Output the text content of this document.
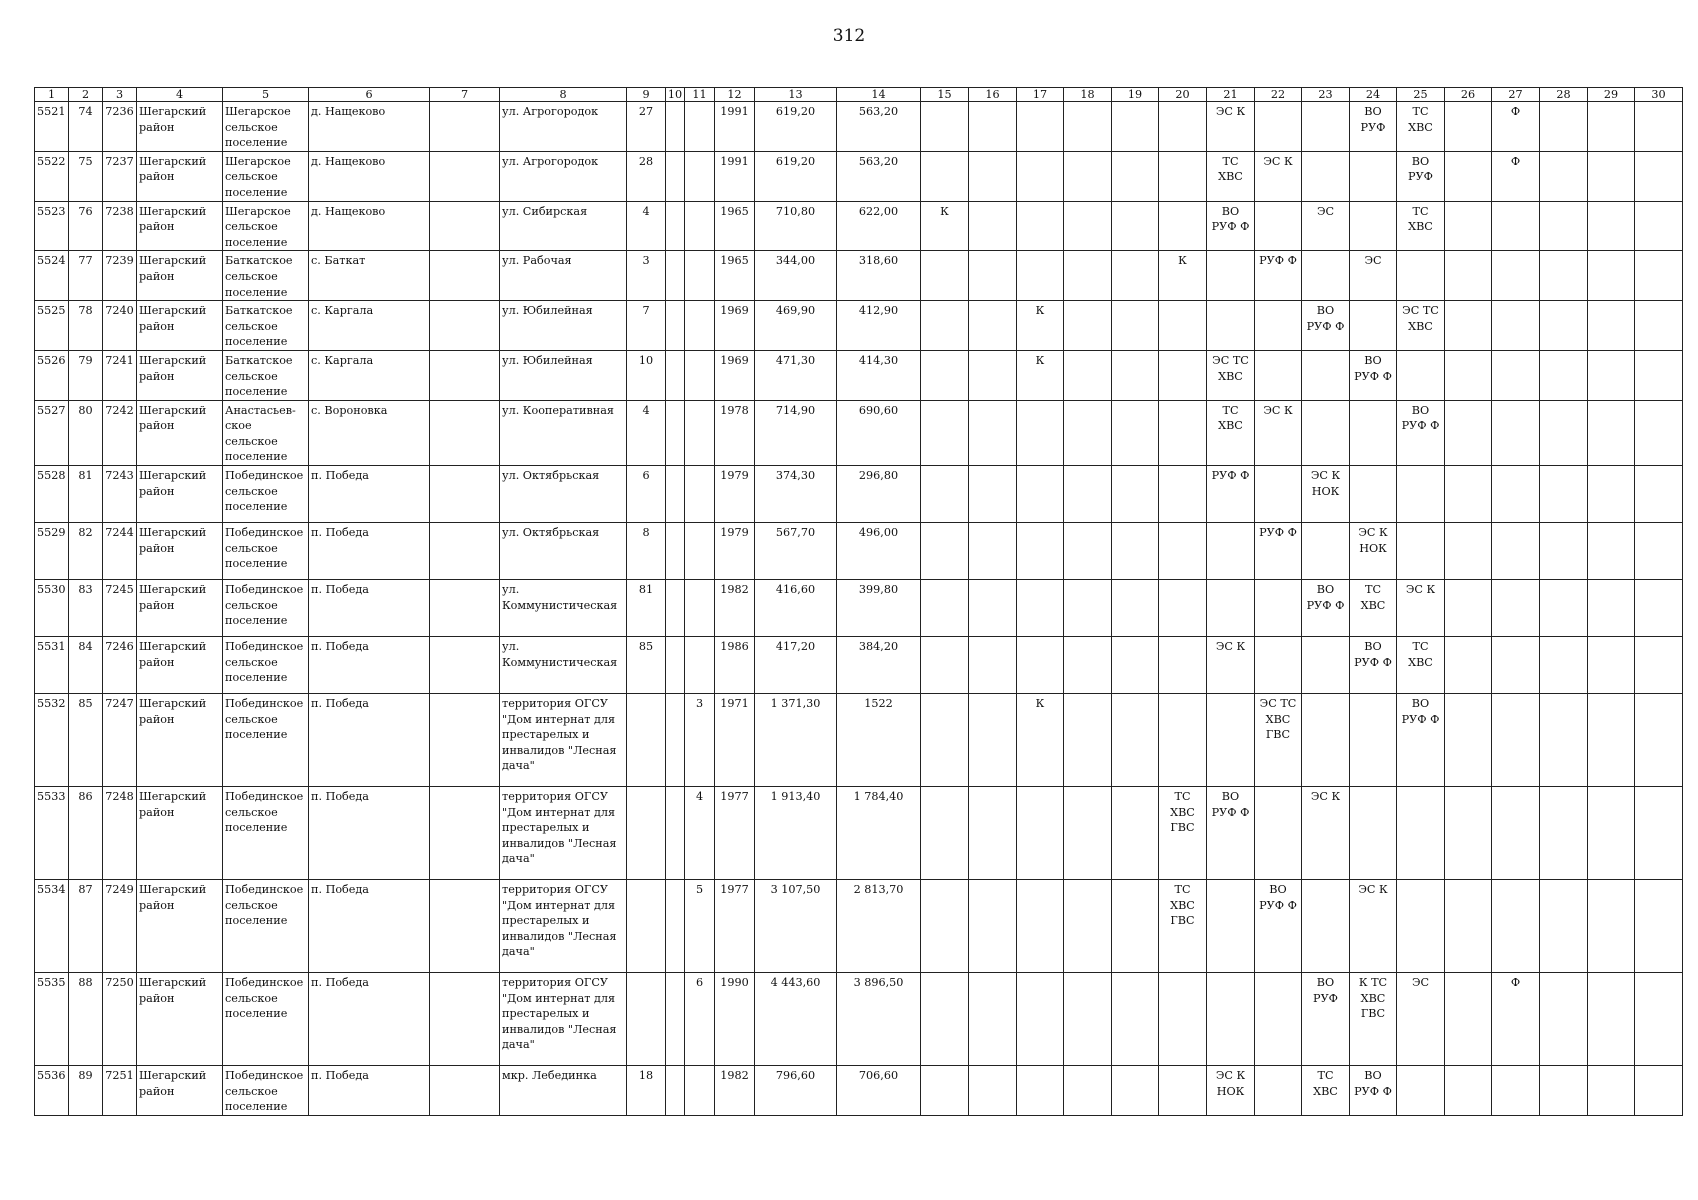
312
1	2	3	4	5	6	7	8	9	10	11	12	13	14	15	16	17	18	19	20	21	22	23	24	25	26	27	28	29	30
5521	74	7236	Шегарский район	Шегарское сельское поселение	д. Нащеково		ул. Агрогородок	27			1991	619,20	563,20							ЭС К			ВО РУФ	ТС ХВС		Ф			
5522	75	7237	Шегарский район	Шегарское сельское поселение	д. Нащеково		ул. Агрогородок	28			1991	619,20	563,20							ТС ХВС	ЭС К			ВО РУФ		Ф			
5523	76	7238	Шегарский район	Шегарское сельское поселение	д. Нащеково		ул. Сибирская	4			1965	710,80	622,00	К						ВО РУФ Ф		ЭС		ТС ХВС					
5524	77	7239	Шегарский район	Баткатское сельское поселение	с. Баткат		ул. Рабочая	3			1965	344,00	318,60						К		РУФ Ф		ЭС						
5525	78	7240	Шегарский район	Баткатское сельское поселение	с. Каргала		ул. Юбилейная	7			1969	469,90	412,90			К						ВО РУФ Ф		ЭС ТС ХВС					
5526	79	7241	Шегарский район	Баткатское сельское поселение	с. Каргала		ул. Юбилейная	10			1969	471,30	414,30			К				ЭС ТС ХВС			ВО РУФ Ф						
5527	80	7242	Шегарский район	Анастасьев-ское сельское поселение	с. Вороновка		ул. Кооперативная	4			1978	714,90	690,60							ТС ХВС	ЭС К			ВО РУФ Ф					
5528	81	7243	Шегарский район	Побединское сельское поселение	п. Победа		ул. Октябрьская	6			1979	374,30	296,80							РУФ Ф		ЭС К НОК							
5529	82	7244	Шегарский район	Побединское сельское поселение	п. Победа		ул. Октябрьская	8			1979	567,70	496,00								РУФ Ф		ЭС К НОК						
5530	83	7245	Шегарский район	Побединское сельское поселение	п. Победа		ул. Коммунистическая	81			1982	416,60	399,80									ВО РУФ Ф	ТС ХВС	ЭС К					
5531	84	7246	Шегарский район	Побединское сельское поселение	п. Победа		ул. Коммунистическая	85			1986	417,20	384,20							ЭС К			ВО РУФ Ф	ТС ХВС					
5532	85	7247	Шегарский район	Побединское сельское поселение	п. Победа		территория ОГСУ "Дом интернат для престарелых и инвалидов "Лесная дача"			3	1971	1 371,30	1522			К					ЭС ТС ХВС ГВС			ВО РУФ Ф					
5533	86	7248	Шегарский район	Побединское сельское поселение	п. Победа		территория ОГСУ "Дом интернат для престарелых и инвалидов "Лесная дача"			4	1977	1 913,40	1 784,40						ТС ХВС ГВС	ВО РУФ Ф		ЭС К							
5534	87	7249	Шегарский район	Побединское сельское поселение	п. Победа		территория ОГСУ "Дом интернат для престарелых и инвалидов "Лесная дача"			5	1977	3 107,50	2 813,70						ТС ХВС ГВС		ВО РУФ Ф		ЭС К						
5535	88	7250	Шегарский район	Побединское сельское поселение	п. Победа		территория ОГСУ "Дом интернат для престарелых и инвалидов "Лесная дача"			6	1990	4 443,60	3 896,50									ВО РУФ	К ТС ХВС ГВС	ЭС		Ф			
5536	89	7251	Шегарский район	Побединское сельское поселение	п. Победа		мкр. Лебединка	18			1982	796,60	706,60							ЭС К НОК		ТС ХВС	ВО РУФ Ф						
